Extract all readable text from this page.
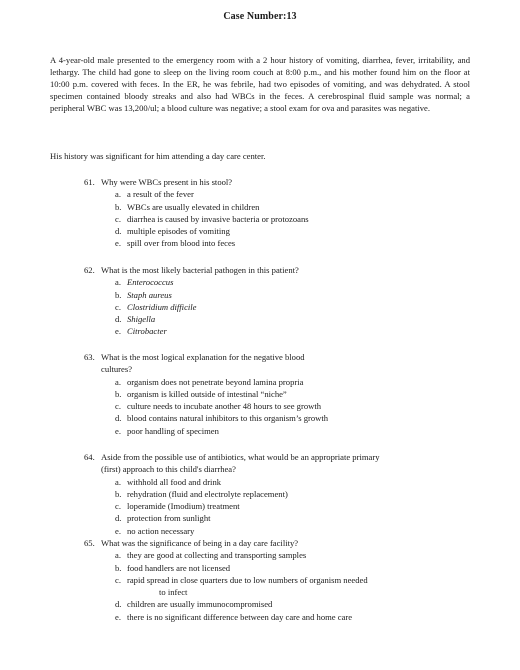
Case Number:13
A 4-year-old male presented to the emergency room with a 2 hour history of vomiting, diarrhea, fever, irritability, and lethargy. The child had gone to sleep on the living room couch at 8:00 p.m., and his mother found him on the floor at 10:00 p.m. covered with feces. In the ER, he was febrile, had two episodes of vomiting, and was dehydrated. A stool specimen contained bloody streaks and also had WBCs in the feces. A cerebrospinal fluid sample was normal; a peripheral WBC was 13,200/ul; a blood culture was negative; a stool exam for ova and parasites was negative.
His history was significant for him attending a day care center.
61. Why were WBCs present in his stool?
a. a result of the fever
b. WBCs are usually elevated in children
c. diarrhea is caused by invasive bacteria or protozoans
d. multiple episodes of vomiting
e. spill over from blood into feces
62. What is the most likely bacterial pathogen in this patient?
a. Enterococcus
b. Staph aureus
c. Clostridium difficile
d. Shigella
e. Citrobacter
63. What is the most logical explanation for the negative blood
cultures?
a. organism does not penetrate beyond lamina propria
b. organism is killed outside of intestinal “niche”
c. culture needs to incubate another 48 hours to see growth
d. blood contains natural inhibitors to this organism’s growth
e. poor handling of specimen
64. Aside from the possible use of antibiotics, what would be an appropriate primary
(first) approach to this child's diarrhea?
a. withhold all food and drink
b. rehydration (fluid and electrolyte replacement)
c. loperamide (Imodium) treatment
d. protection from sunlight
e. no action necessary
65. What was the significance of being in a day care facility?
a. they are good at collecting and transporting samples
b. food handlers are not licensed
c. rapid spread in close quarters due to low numbers of organism needed
to infect
d. children are usually immunocompromised
e. there is no significant difference between day care and home care
